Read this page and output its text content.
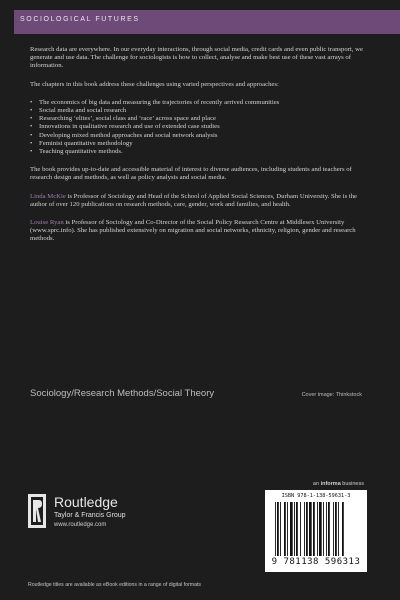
SOCIOLOGICAL FUTURES

Research data are everywhere. In our everyday interactions, through social media, credit cards and even public transport, we generate and use data. The challenge for sociologists is how to collect, analyse and make best use of these vast arrays of information.

The chapters in this book address these challenges using varied perspectives and approaches:

• The economics of big data and measuring the trajectories of recently arrived communities
• Social media and social research
• Researching ‘elites’, social class and ‘race’ across space and place
• Innovations in qualitative research and use of extended case studies
• Developing mixed method approaches and social network analysis
• Feminist quantitative methodology
• Teaching quantitative methods.

The book provides up-to-date and accessible material of interest to diverse audiences, including students and teachers of research design and methods, as well as policy analysis and social media.

Linda McKie is Professor of Sociology and Head of the School of Applied Social Sciences, Durham University. She is the author of over 120 publications on research methods, care, gender, work and families, and health.

Louise Ryan is Professor of Sociology and Co-Director of the Social Policy Research Centre at Middlesex University (www.sprc.info). She has published extensively on migration and social networks, ethnicity, religion, gender and research methods.

Sociology/Research Methods/Social Theory	Cover image: Thinkstock
Routledge
Taylor & Francis Group
www.routledge.com
an informa business
ISBN 978-1-138-59631-3
9 781138 596313
Routledge titles are available as eBook editions in a range of digital formats
